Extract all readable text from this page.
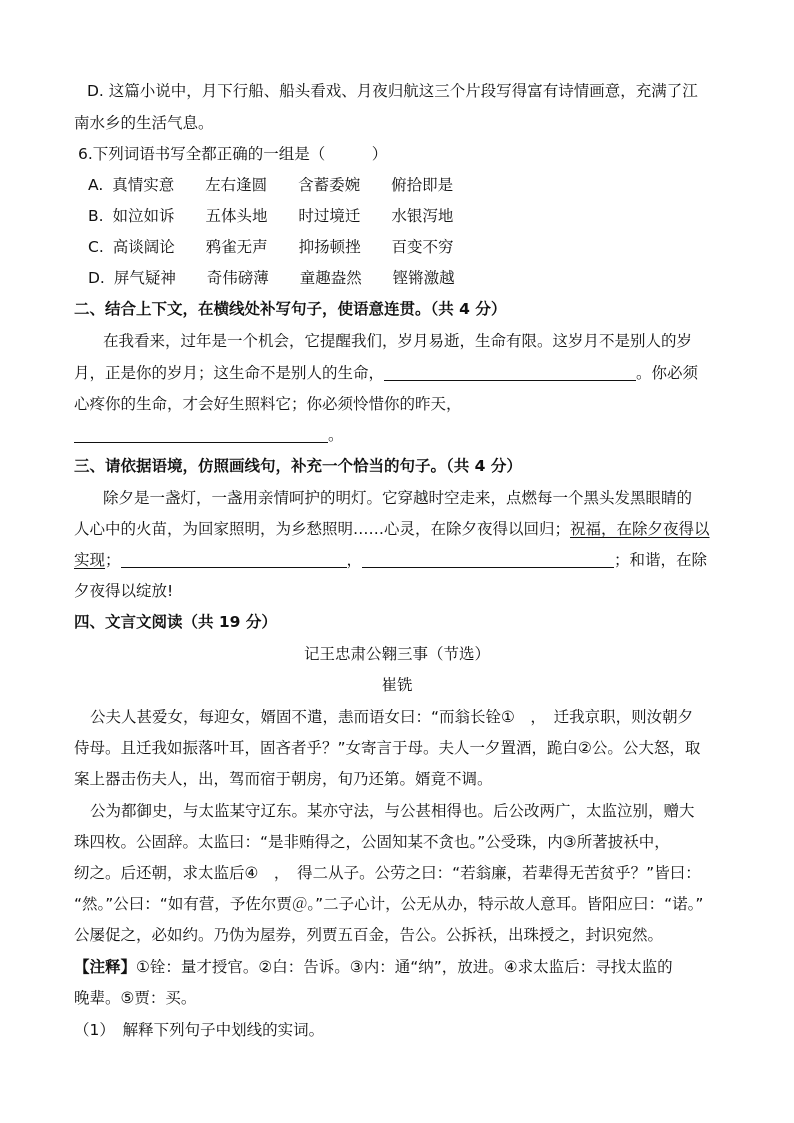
D. 这篇小说中，月下行船、船头看戏、月夜归航这三个片段写得富有诗情画意，充满了江
南水乡的生活气息。
6.下列词语书写全都正确的一组是（　　　）
A. 真情实意 左右逢圆 含蓄委婉 俯拾即是
B. 如泣如诉 五体头地 时过境迁 水银泻地
C. 高谈阔论 鸦雀无声 抑扬顿挫 百变不穷
D. 屏气疑神 奇伟磅薄 童趣盎然 铿锵激越
二、结合上下文，在横线处补写句子，使语意连贯。（共 4 分）
在我看来，过年是一个机会，它提醒我们，岁月易逝，生命有限。这岁月不是别人的岁
月，正是你的岁月；这生命不是别人的生命，	。你必须
心疼你的生命，才会好生照料它；你必须怜惜你的昨天，
。
三、请依据语境，仿照画线句，补充一个恰当的句子。（共 4 分）
除夕是一盏灯，一盏用亲情呵护的明灯。它穿越时空走来，点燃每一个黑头发黑眼睛的
人心中的火苗，为回家照明，为乡愁照明……心灵，在除夕夜得以回归；祝福，在除夕夜得以
实现；	，	；和谐，在除
夕夜得以绽放!
四、文言文阅读（共 19 分）
记王忠肃公翱三事（节选）
崔铣
公夫人甚爱女，每迎女，婿固不遣，恚而语女曰：“而翁长铨①　，　迁我京职，则汝朝夕
侍母。且迁我如振落叶耳，固吝者乎？”女寄言于母。夫人一夕置酒，跪白②公。公大怒，取
案上器击伤夫人，出，驾而宿于朝房，旬乃还第。婿竟不调。
公为都御史，与太监某守辽东。某亦守法，与公甚相得也。后公改两广，太监泣别，赠大
珠四枚。公固辞。太监曰：“是非贿得之，公固知某不贪也。”公受珠，内③所著披袄中，
纫之。后还朝，求太监后④　，　得二从子。公劳之曰：“若翁廉，若辈得无苦贫乎？”皆曰：
“然。”公曰：“如有营，予佐尔贾＠。”二子心计，公无从办，特示故人意耳。皆阳应曰：“诺。”
公屡促之，必如约。乃伪为屋券，列贾五百金，告公。公拆袄，出珠授之，封识宛然。
【注释】①铨：量才授官。②白：告诉。③内：通“纳”，放进。④求太监后：寻找太监的
晚辈。⑤贾：买。
（1）　解释下列句子中划线的实词。
